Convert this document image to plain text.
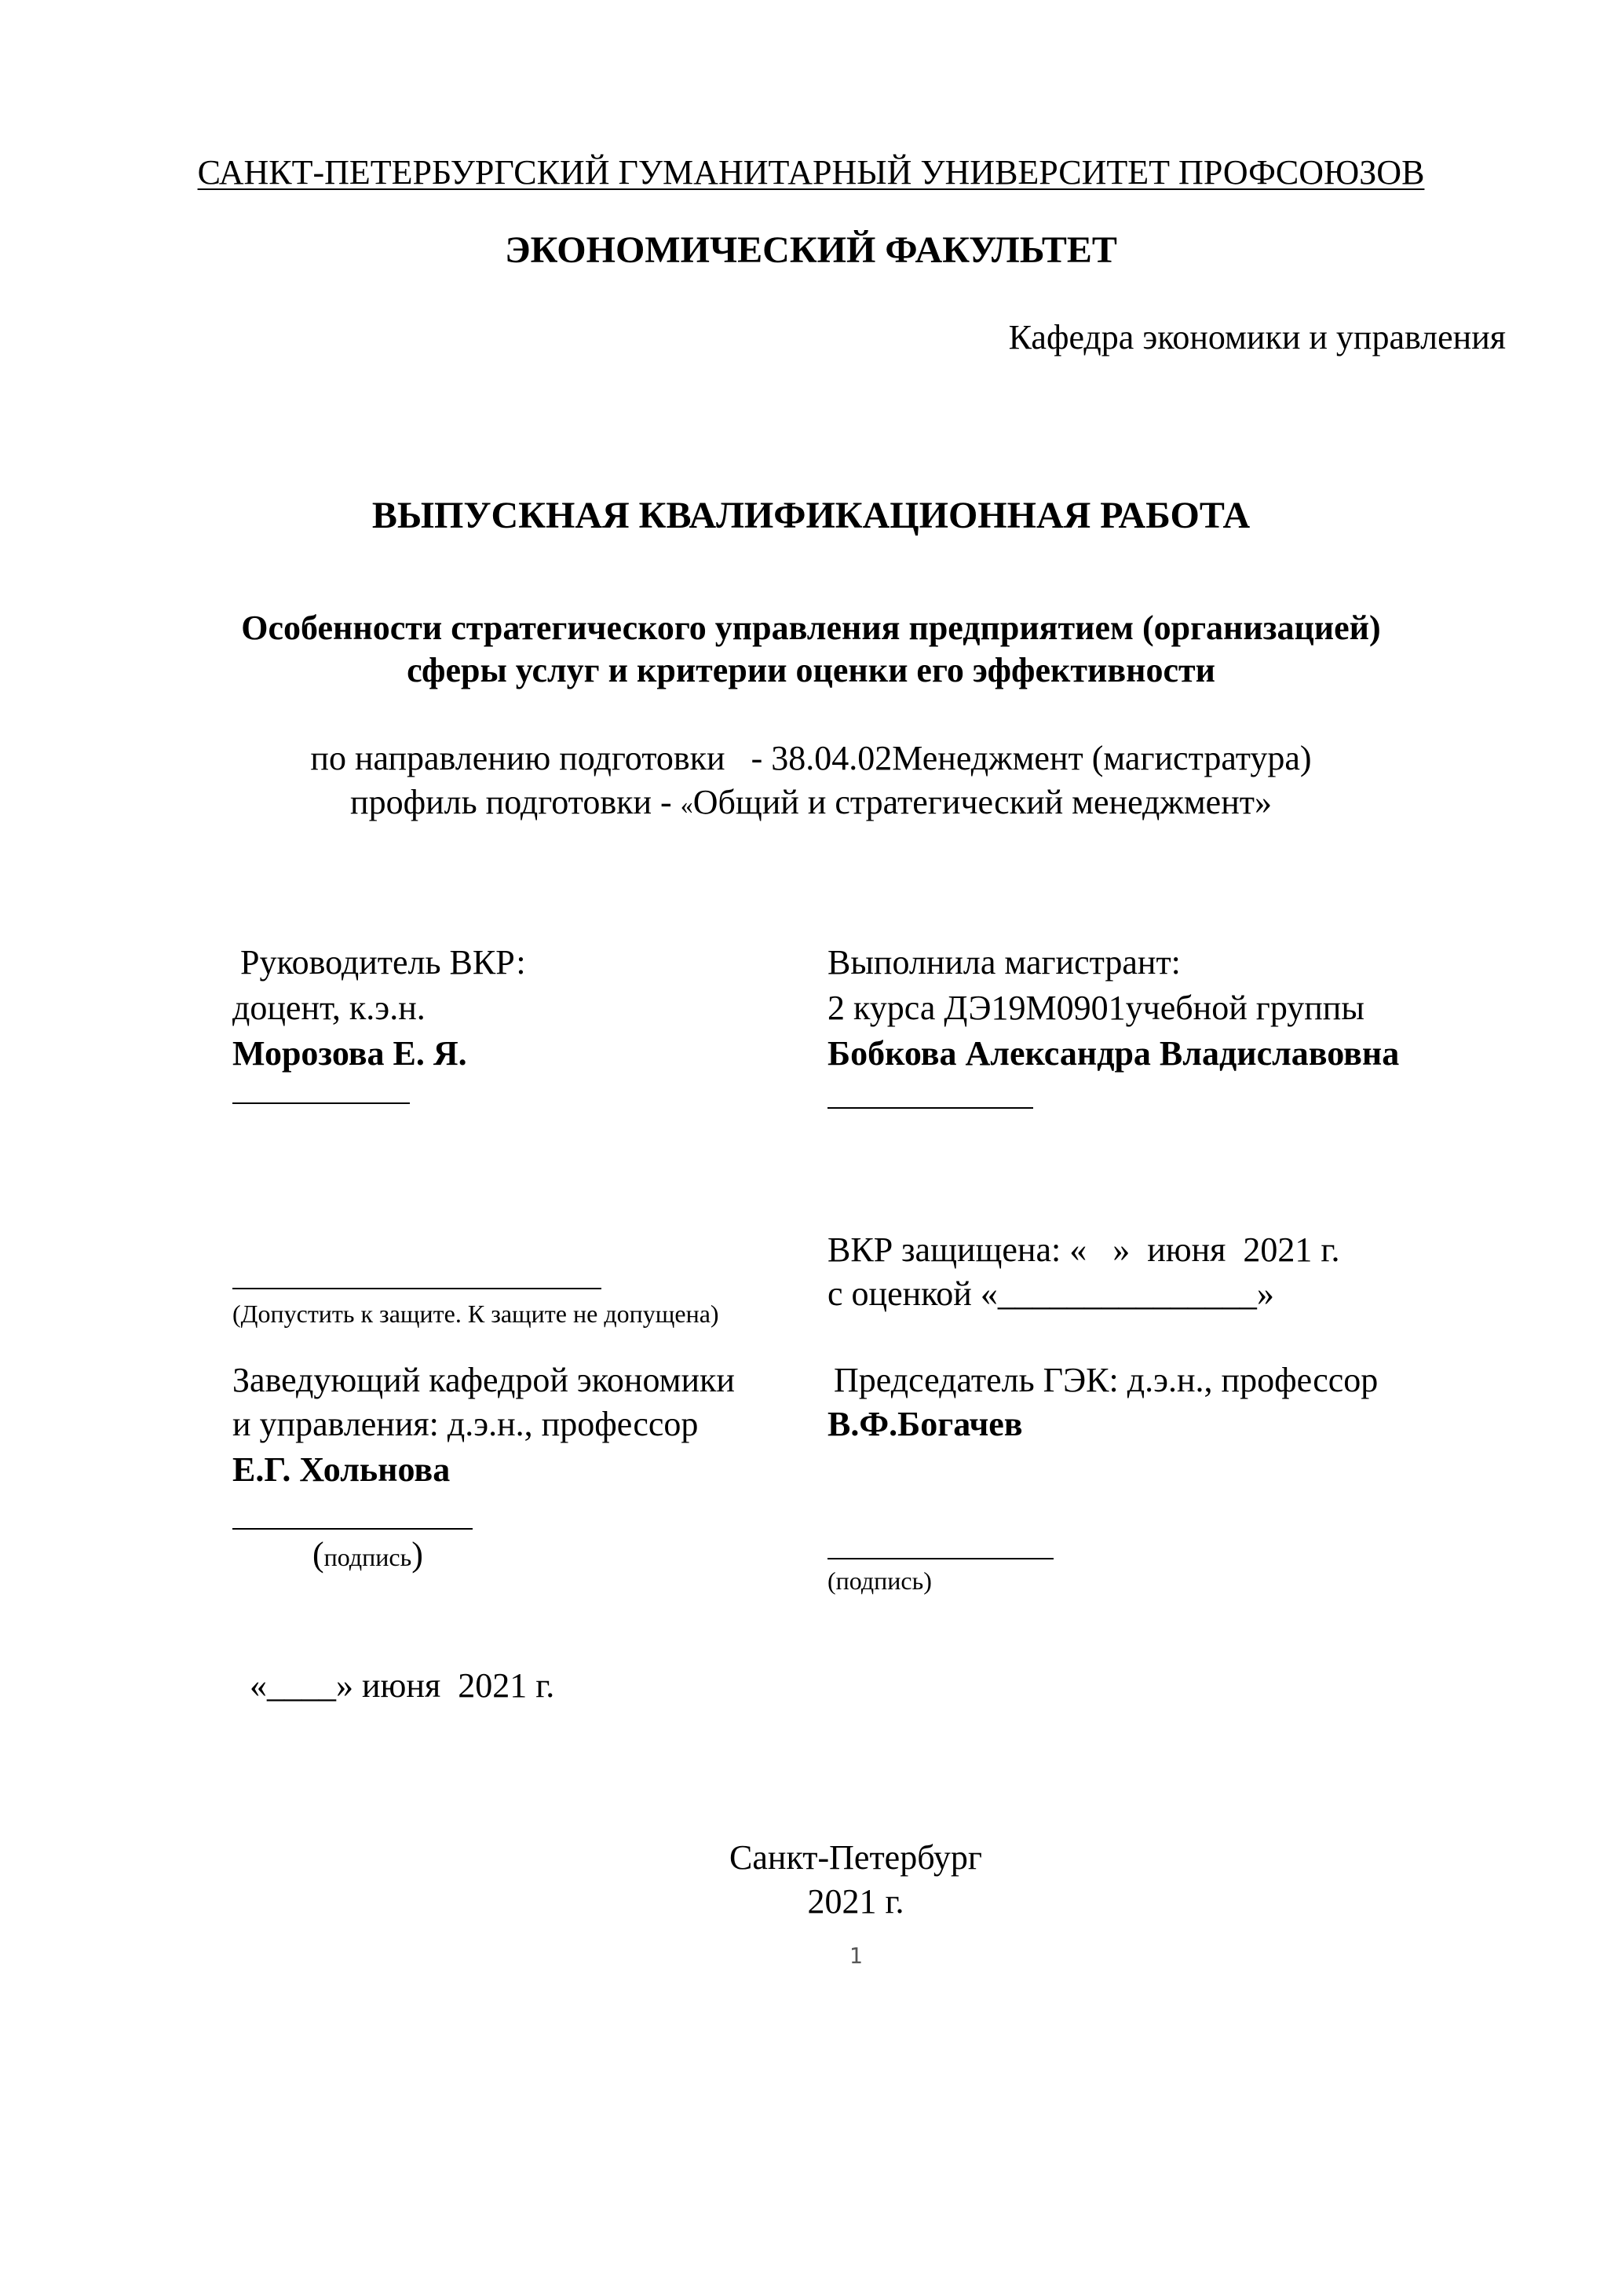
САНКТ-ПЕТЕРБУРГСКИЙ ГУМАНИТАРНЫЙ УНИВЕРСИТЕТ ПРОФСОЮЗОВ
ЭКОНОМИЧЕСКИЙ ФАКУЛЬТЕТ
Кафедра экономики и управления
ВЫПУСКНАЯ КВАЛИФИКАЦИОННАЯ РАБОТА
Особенности стратегического управления предприятием (организацией)
сферы услуг и критерии оценки его эффективности
по направлению подготовки   - 38.04.02Менеджмент (магистратура)
профиль подготовки - «Общий и стратегический менеджмент»
Руководитель ВКР:
доцент, к.э.н.
Морозова Е. Я.
Выполнила магистрант:
2 курса ДЭ19М0901учебной группы
Бобкова Александра Владиславовна
(Допустить к защите. К защите не допущена)
ВКР защищена: «   »  июня  2021 г.
с оценкой «_______________»
Заведующий кафедрой экономики
и управления: д.э.н., профессор
Е.Г. Хольнова
(подпись)

«____» июня  2021 г.

Председатель ГЭК: д.э.н., профессор
В.Ф.Богачев
(подпись)
Санкт-Петербург
2021 г.
1
